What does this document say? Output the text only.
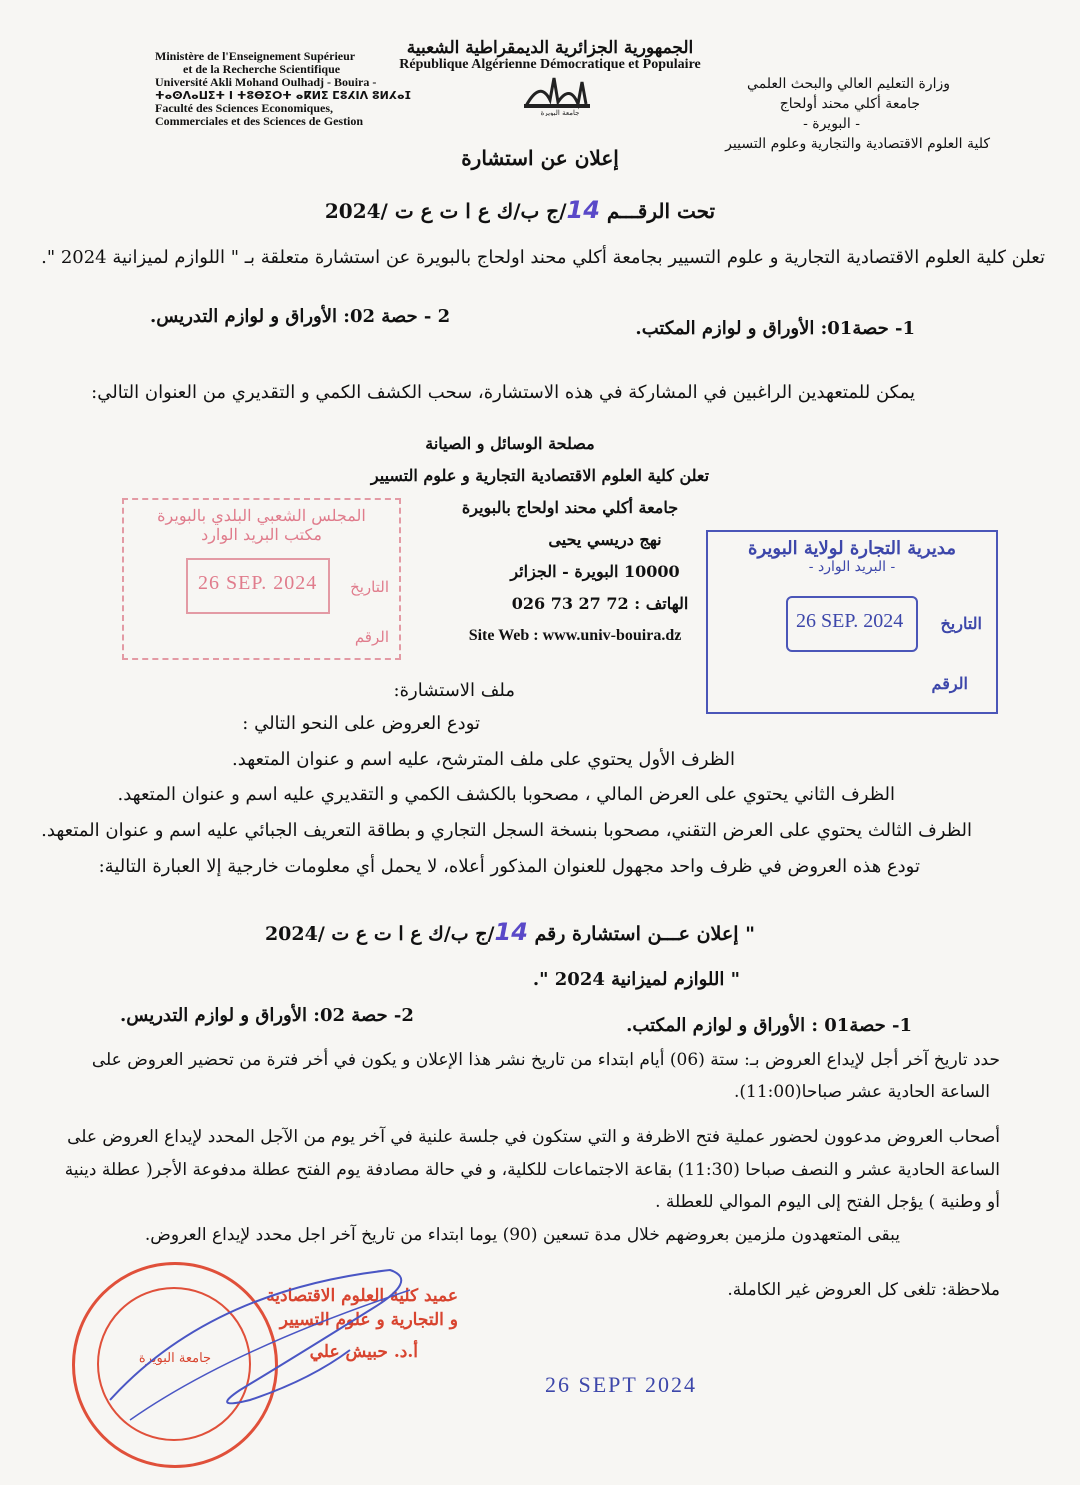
الجمهورية الجزائرية الديمقراطية الشعبية
République Algérienne Démocratique et Populaire
Ministère de l'Enseignement Supérieur
et de la Recherche Scientifique
Université Akli Mohand Oulhadj - Bouira -
ⵜⴰⵙⴷⴰⵡⵉⵜ ⵏ ⵜⵓⴱⵉⵔⵜ ⴰⴽⵍⵉ ⵎⵓⵃⵏⴷ ⵓⵍⵃⴰⵊ
Faculté des Sciences Economiques,
Commerciales et des Sciences de Gestion
جامعة البويرة
وزارة التعليم العالي والبحث العلمي
جامعة أكلي محند أولحاج
- البويرة -
كلية العلوم الاقتصادية والتجارية وعلوم التسيير
إعلان عن استشارة
تحت الرقـــم 14/ج ب/ك ع ا ت ع ت /2024
تعلن كلية العلوم الاقتصادية التجارية و علوم التسيير بجامعة أكلي محند اولحاج بالبويرة عن استشارة متعلقة بـ " اللوازم لميزانية 2024 ".
1- حصة01: الأوراق و لوازم المكتب.
2 - حصة 02: الأوراق و لوازم التدريس.
يمكن للمتعهدين الراغبين في المشاركة في هذه الاستشارة، سحب الكشف الكمي و التقديري من العنوان التالي:
مصلحة الوسائل و الصيانة
تعلن كلية العلوم الاقتصادية التجارية و علوم التسيير
جامعة أكلي محند اولحاج بالبويرة
نهج دريسي يحيى
10000 البويرة - الجزائر
الهاتف : 72 27 73 026
Site Web : www.univ-bouira.dz
المجلس الشعبي البلدي بالبويرة
مكتب البريد الوارد
26 SEP. 2024 التاريخ
الرقم
مديرية التجارة لولاية البويرة
- البريد الوارد -
26 SEP. 2024 التاريخ
الرقم
ملف الاستشارة:
تودع العروض على النحو التالي :
الظرف الأول يحتوي على ملف المترشح، عليه اسم و عنوان المتعهد.
الظرف الثاني يحتوي على العرض المالي ، مصحوبا بالكشف الكمي و التقديري عليه اسم و عنوان المتعهد.
الظرف الثالث يحتوي على العرض التقني، مصحوبا بنسخة السجل التجاري و بطاقة التعريف الجبائي عليه اسم و عنوان المتعهد.
تودع هذه العروض في ظرف واحد مجهول للعنوان المذكور أعلاه، لا يحمل أي معلومات خارجية إلا العبارة التالية:
" إعلان عـــن استشارة رقم 14/ج ب/ك ع ا ت ع ت /2024
" اللوازم لميزانية 2024 ".
1- حصة01 : الأوراق و لوازم المكتب.
2- حصة 02: الأوراق و لوازم التدريس.
حدد تاريخ آخر أجل لإيداع العروض بـ: ستة (06) أيام ابتداء من تاريخ نشر هذا الإعلان و يكون في أخر فترة من تحضير العروض على
الساعة الحادية عشر صباحا(11:00).
أصحاب العروض مدعوون لحضور عملية فتح الاظرفة و التي ستكون في جلسة علنية في آخر يوم من الآجل المحدد لإيداع العروض على
الساعة الحادية عشر و النصف صباحا (11:30) بقاعة الاجتماعات للكلية، و في حالة مصادفة يوم الفتح عطلة مدفوعة الأجر( عطلة دينية
أو وطنية ) يؤجل الفتح إلى اليوم الموالي للعطلة .
يبقى المتعهدون ملزمين بعروضهم خلال مدة تسعين (90) يوما ابتداء من تاريخ آخر اجل محدد لإيداع العروض.
ملاحظة: تلغى كل العروض غير الكاملة.
جامعة البويرة
عميد كلية العلوم الاقتصادية
و التجارية و علوم التسيير
أ.د. حبيش علي
26 SEPT 2024
